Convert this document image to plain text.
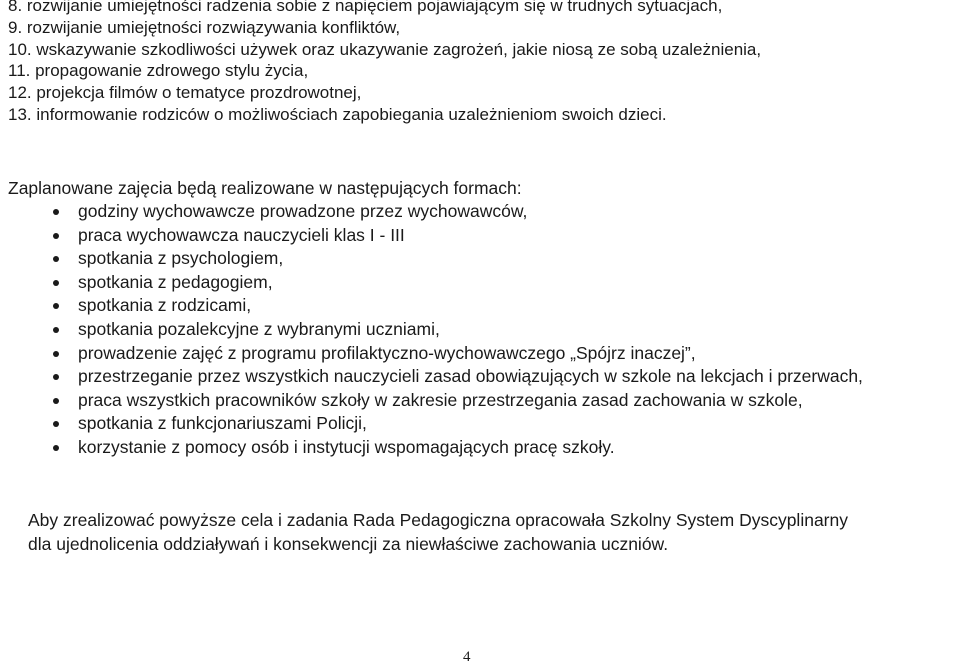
8. rozwijanie umiejętności radzenia sobie z napięciem pojawiającym się w trudnych sytuacjach,
9. rozwijanie umiejętności rozwiązywania konfliktów,
10. wskazywanie szkodliwości używek oraz ukazywanie zagrożeń, jakie niosą ze sobą uzależnienia,
11. propagowanie zdrowego stylu życia,
12. projekcja filmów o tematyce prozdrowotnej,
13. informowanie rodziców o możliwościach zapobiegania uzależnieniom swoich dzieci.

Zaplanowane zajęcia będą realizowane w następujących formach:

godziny wychowawcze prowadzone przez wychowawców,
praca wychowawcza nauczycieli klas I - III
spotkania z psychologiem,
spotkania z pedagogiem,
spotkania z rodzicami,
spotkania pozalekcyjne z wybranymi uczniami,
prowadzenie zajęć z programu profilaktyczno-wychowawczego „Spójrz inaczej”,
przestrzeganie przez wszystkich nauczycieli zasad obowiązujących w szkole na lekcjach i przerwach,
praca wszystkich pracowników szkoły w zakresie przestrzegania zasad zachowania w szkole,
spotkania z funkcjonariuszami Policji,
korzystanie z pomocy osób i instytucji wspomagających pracę szkoły.
Aby zrealizować powyższe cela i zadania Rada Pedagogiczna opracowała Szkolny System Dyscyplinarny
dla ujednolicenia oddziaływań i konsekwencji za niewłaściwe zachowania uczniów.
4
